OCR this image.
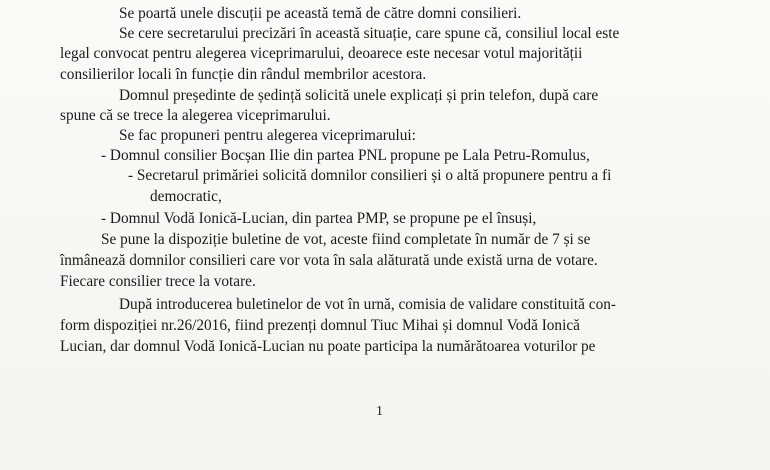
Se poartă unele discuții pe această temă de către domni consilieri.
Se cere secretarului precizări în această situație, care spune că, consiliul local este
legal convocat pentru alegerea viceprimarului, deoarece este necesar votul majorității
consilierilor locali în funcție din rândul membrilor acestora.
Domnul președinte de ședință solicită unele explicați și prin telefon, după care
spune că se trece la alegerea viceprimarului.
Se fac propuneri pentru alegerea viceprimarului:
- Domnul consilier Bocșan Ilie din partea PNL propune pe Lala Petru-Romulus,
- Secretarul primăriei solicită domnilor consilieri și o altă propunere pentru a fi
democratic,
- Domnul Vodă Ionică-Lucian, din partea PMP, se propune pe el însuși,
Se pune la dispoziție buletine de vot, aceste fiind completate în număr de 7 și se
înmânează domnilor consilieri care vor vota în sala alăturată unde există urna de votare.
Fiecare consilier trece la votare.
După introducerea buletinelor de vot în urnă, comisia de validare constituită con-
form dispoziției nr.26/2016, fiind prezenți domnul Tiuc Mihai și domnul Vodă Ionică
Lucian, dar domnul Vodă Ionică-Lucian nu poate participa la numărătoarea voturilor pe
1
